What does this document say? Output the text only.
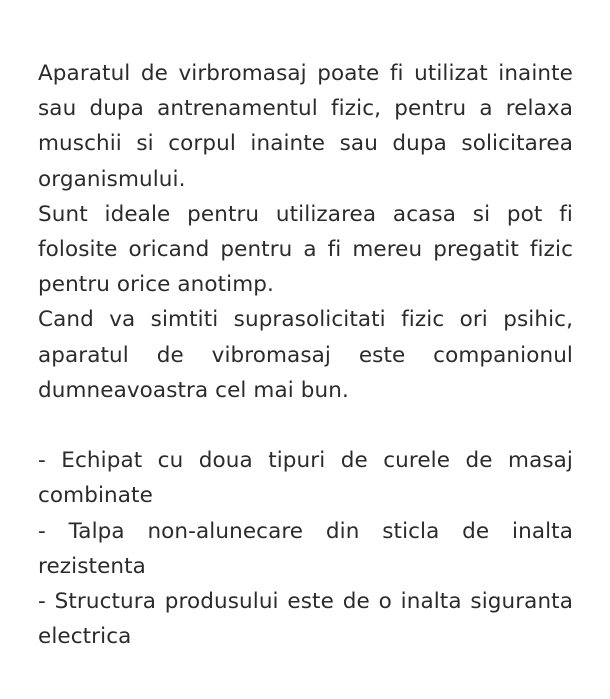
Aparatul de virbromasaj poate fi utilizat inainte sau dupa antrenamentul fizic, pentru a relaxa muschii si corpul inainte sau dupa solicitarea organismului.

Sunt ideale pentru utilizarea acasa si pot fi folosite oricand pentru a fi mereu pregatit fizic pentru orice anotimp.

Cand va simtiti suprasolicitati fizic ori psihic, aparatul de vibromasaj este companionul dumneavoastra cel mai bun.

- Echipat cu doua tipuri de curele de masaj combinate

- Talpa non-alunecare din sticla de inalta rezistenta

- Structura produsului este de o inalta siguranta electrica
